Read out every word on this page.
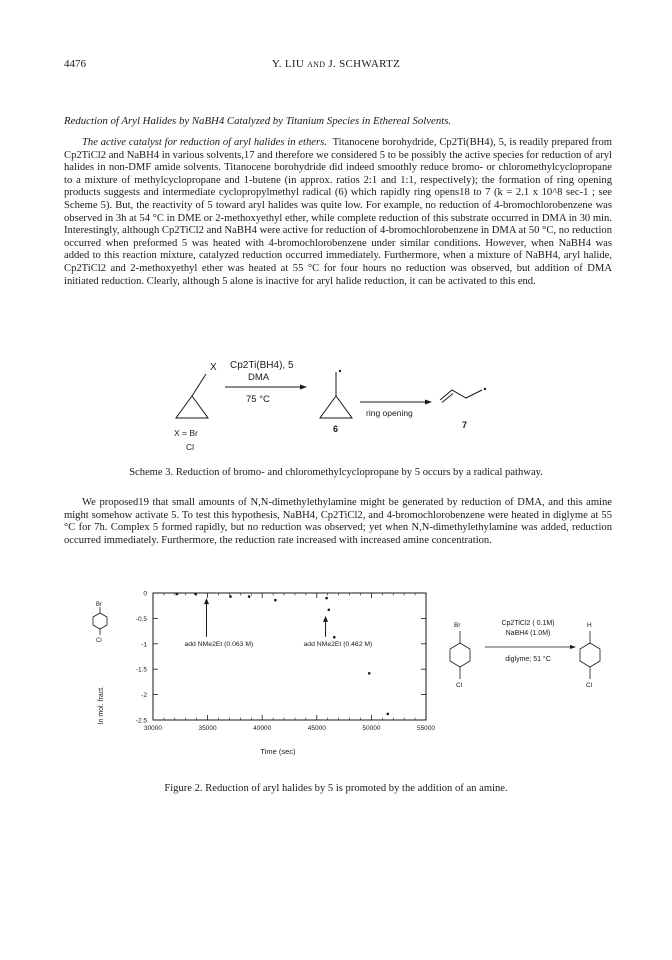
4476	Y. LIU and J. SCHWARTZ
Reduction of Aryl Halides by NaBH4 Catalyzed by Titanium Species in Ethereal Solvents.

The active catalyst for reduction of aryl halides in ethers. Titanocene borohydride, Cp2Ti(BH4), 5, is readily prepared from Cp2TiCl2 and NaBH4 in various solvents,17 and therefore we considered 5 to be possibly the active species for reduction of aryl halides in non-DMF amide solvents. Titanocene borohydride did indeed smoothly reduce bromo- or chloromethylcyclopropane to a mixture of methylcyclopropane and 1-butene (in approx. ratios 2:1 and 1:1, respectively); the formation of ring opening products suggests and intermediate cyclopropylmethyl radical (6) which rapidly ring opens18 to 7 (k = 2.1 x 10^8 sec-1 ; see Scheme 5). But, the reactivity of 5 toward aryl halides was quite low. For example, no reduction of 4-bromochlorobenzene was observed in 3h at 54 °C in DME or 2-methoxyethyl ether, while complete reduction of this substrate occurred in DMA in 30 min. Interestingly, although Cp2TiCl2 and NaBH4 were active for reduction of 4-bromochlorobenzene in DMA at 50 °C, no reduction occurred when preformed 5 was heated with 4-bromochlorobenzene under similar conditions. However, when NaBH4 was added to this reaction mixture, catalyzed reduction occurred immediately. Furthermore, when a mixture of NaBH4, aryl halide, Cp2TiCl2 and 2-methoxyethyl ether was heated at 55 °C for four hours no reduction was observed, but addition of DMA initiated reduction. Clearly, although 5 alone is inactive for aryl halide reduction, it can be activated to this end.

X Cp2Ti(BH4), 5
DMA
75 °C
X = Br	6
ring opening
7
Cl
Scheme 3. Reduction of bromo- and chloromethylcyclopropane by 5 occurs by a radical pathway.

We proposed19 that small amounts of N,N-dimethylethylamine might be generated by reduction of DMA, and this amine might somehow activate 5. To test this hypothesis, NaBH4, Cp2TiCl2, and 4-bromochlorobenzene were heated in diglyme at 55 °C for 7h. Complex 5 formed rapidly, but no reduction was observed; yet when N,N-dimethylethylamine was added, reduction occurred immediately. Furthermore, the reduction rate increased with increased amine concentration.

30000	35000	40000	45000	50000	55000
0
-0.5
-1
-1.5
-2
-2.5
add NMe2Et (0.063 M)	add NMe2Et (0.462 M)
Br
Cl
ln mol. fract.
Time (sec)
Br
Cl
Cp2TiCl2 ( 0.1M)
NaBH4 (1.0M)
diglyme; 51 °C
H
Cl
Figure 2. Reduction of aryl halides by 5 is promoted by the addition of an amine.
